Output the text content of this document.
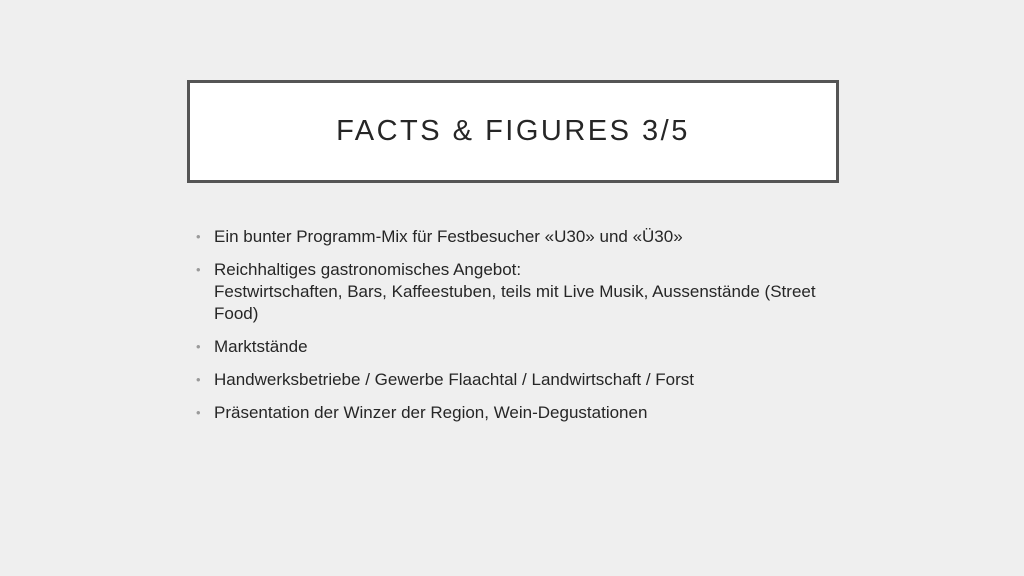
FACTS & FIGURES 3/5
• Ein bunter Programm-Mix für Festbesucher «U30» und «Ü30»
• Reichhaltiges gastronomisches Angebot:
Festwirtschaften, Bars, Kaffeestuben, teils mit Live Musik, Aussenstände (Street Food)
• Marktstände
• Handwerksbetriebe / Gewerbe Flaachtal / Landwirtschaft / Forst
• Präsentation der Winzer der Region, Wein-Degustationen
